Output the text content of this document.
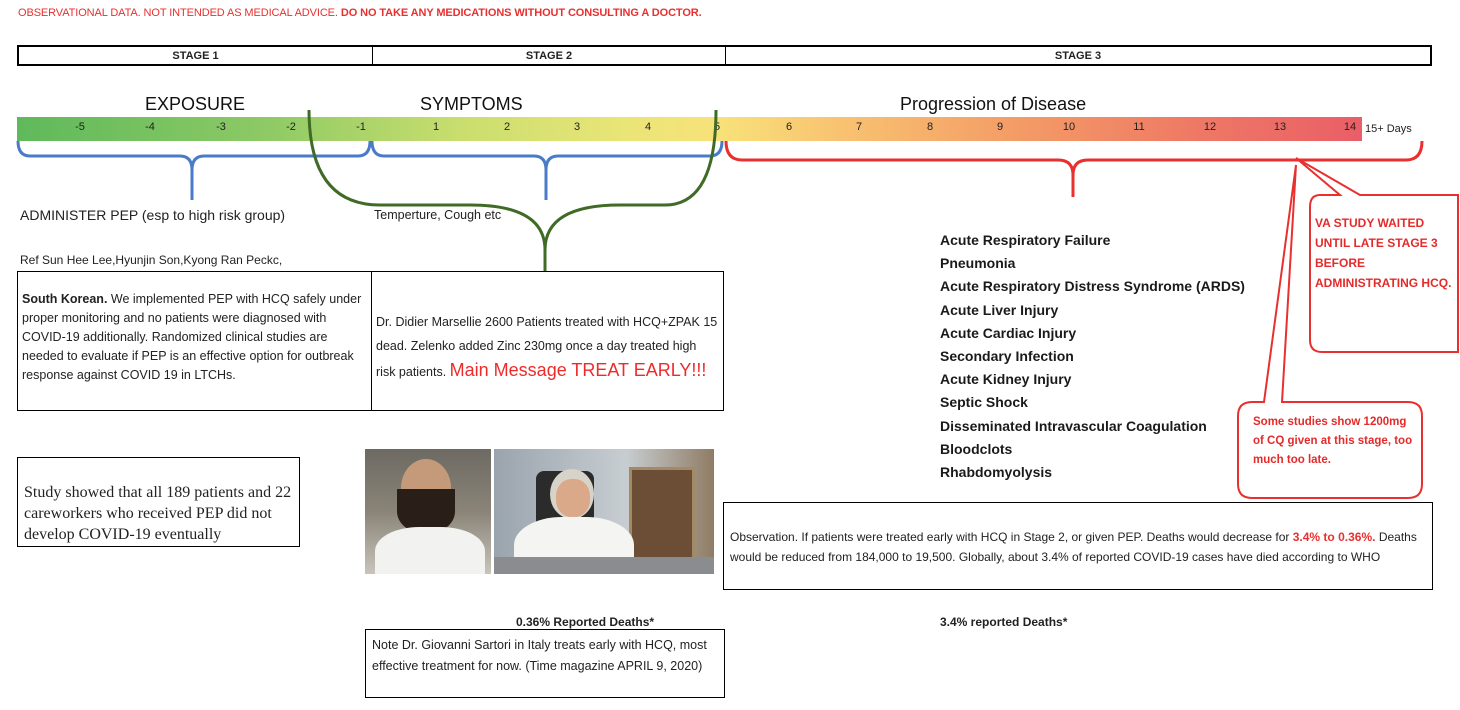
OBSERVATIONAL DATA. NOT INTENDED AS MEDICAL ADVICE. DO NO TAKE ANY MEDICATIONS WITHOUT CONSULTING A DOCTOR.
STAGE 1	STAGE 2	STAGE 3
EXPOSURE	SYMPTOMS	Progression of Disease
-5	-4	-3	-2	-1	1	2	3	4	5	6	7	8	9	10	11	12	13	14 15+ Days
ADMINISTER PEP (esp to high risk group)
Ref Sun Hee Lee,Hyunjin Son,Kyong Ran Peckc,
South Korean. We implemented PEP with HCQ safely under proper monitoring and no patients were diagnosed with COVID-19 additionally. Randomized clinical studies are needed to evaluate if PEP is an effective option for outbreak response against COVID 19 in LTCHs.
Study showed that all 189 patients and 22 careworkers who received PEP did not develop COVID-19 eventually
Temperture, Cough etc
Dr. Didier Marsellie 2600 Patients treated with HCQ+ZPAK 15 dead. Zelenko added Zinc 230mg once a day treated high risk patients. Main Message TREAT EARLY!!!
0.36% Reported Deaths*
Note Dr. Giovanni Sartori in Italy treats early with HCQ, most effective treatment for now. (Time magazine APRIL 9, 2020)
Acute Respiratory Failure
Pneumonia
Acute Respiratory Distress Syndrome (ARDS)
Acute Liver Injury
Acute Cardiac Injury
Secondary Infection
Acute Kidney Injury
Septic Shock
Disseminated Intravascular Coagulation
Bloodclots
Rhabdomyolysis
VA STUDY WAITED UNTIL LATE STAGE 3 BEFORE ADMINISTRATING HCQ.
Some studies show 1200mg of CQ given at this stage, too much too late.
Observation. If patients were treated early with HCQ in Stage 2, or given PEP. Deaths would decrease for 3.4% to 0.36%. Deaths would be reduced from 184,000 to 19,500. Globally, about 3.4% of reported COVID-19 cases have died according to WHO
3.4% reported Deaths*
